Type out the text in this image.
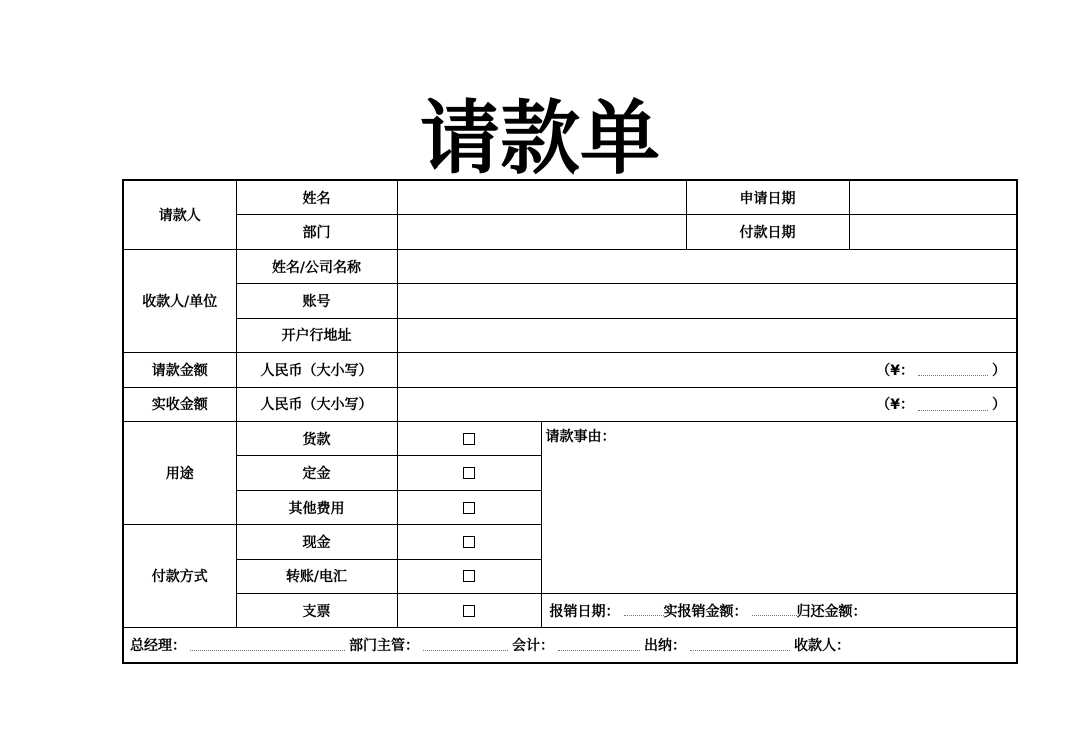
请款单
请款人	姓名			申请日期	
	部门			付款日期	
收款人/单位	姓名/公司名称				
	账号				
	开户行地址				
请款金额	人民币（大小写）	（¥： ）			
实收金额	人民币（大小写）	（¥： ）			
用途	货款		请款事由：		
	定金				
	其他费用				
付款方式	现金				
	转账/电汇				
	支票		报销日期： 实报销金额： 归还金额：		

总经理： 部门主管： 会计： 出纳： 收款人：					
